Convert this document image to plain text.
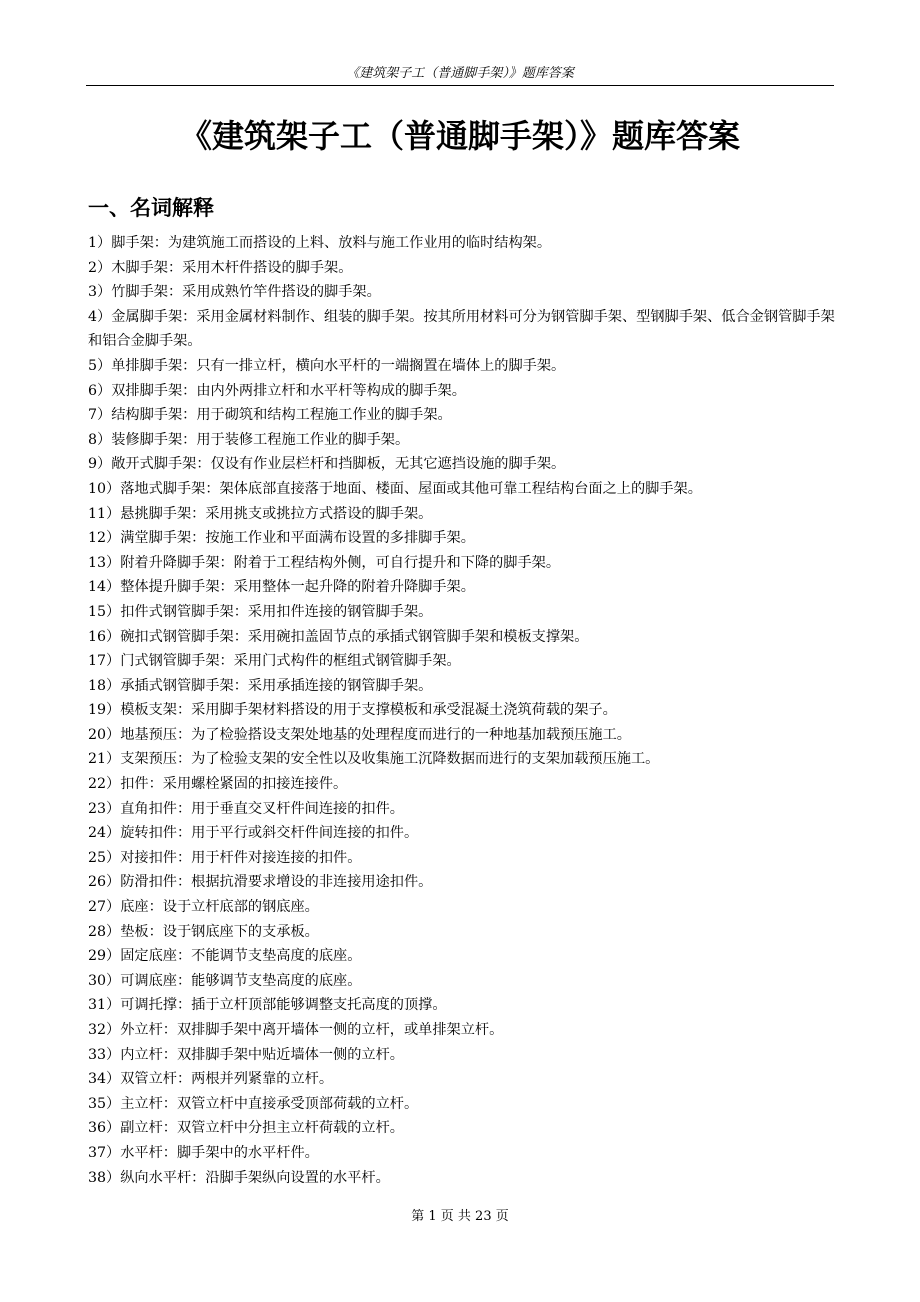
《建筑架子工（普通脚手架）》题库答案
com.cn
《建筑架子工（普通脚手架）》题库答案
一、名词解释
1）脚手架：为建筑施工而搭设的上料、放料与施工作业用的临时结构架。
2）木脚手架：采用木杆件搭设的脚手架。
3）竹脚手架：采用成熟竹竿件搭设的脚手架。
4）金属脚手架：采用金属材料制作、组装的脚手架。按其所用材料可分为钢管脚手架、型钢脚手架、低合金钢管脚手架和铝合金脚手架。
5）单排脚手架：只有一排立杆，横向水平杆的一端搁置在墙体上的脚手架。
6）双排脚手架：由内外两排立杆和水平杆等构成的脚手架。
7）结构脚手架：用于砌筑和结构工程施工作业的脚手架。
8）装修脚手架：用于装修工程施工作业的脚手架。
9）敞开式脚手架：仅设有作业层栏杆和挡脚板，无其它遮挡设施的脚手架。
10）落地式脚手架：架体底部直接落于地面、楼面、屋面或其他可靠工程结构台面之上的脚手架。
11）悬挑脚手架：采用挑支或挑拉方式搭设的脚手架。
12）满堂脚手架：按施工作业和平面满布设置的多排脚手架。
13）附着升降脚手架：附着于工程结构外侧，可自行提升和下降的脚手架。
14）整体提升脚手架：采用整体一起升降的附着升降脚手架。
15）扣件式钢管脚手架：采用扣件连接的钢管脚手架。
16）碗扣式钢管脚手架：采用碗扣盖固节点的承插式钢管脚手架和模板支撑架。
17）门式钢管脚手架：采用门式构件的框组式钢管脚手架。
18）承插式钢管脚手架：采用承插连接的钢管脚手架。
19）模板支架：采用脚手架材料搭设的用于支撑模板和承受混凝土浇筑荷载的架子。
20）地基预压：为了检验搭设支架处地基的处理程度而进行的一种地基加载预压施工。
21）支架预压：为了检验支架的安全性以及收集施工沉降数据而进行的支架加载预压施工。
22）扣件：采用螺栓紧固的扣接连接件。
23）直角扣件：用于垂直交叉杆件间连接的扣件。
24）旋转扣件：用于平行或斜交杆件间连接的扣件。
25）对接扣件：用于杆件对接连接的扣件。
26）防滑扣件：根据抗滑要求增设的非连接用途扣件。
27）底座：设于立杆底部的钢底座。
28）垫板：设于钢底座下的支承板。
29）固定底座：不能调节支垫高度的底座。
30）可调底座：能够调节支垫高度的底座。
31）可调托撑：插于立杆顶部能够调整支托高度的顶撑。
32）外立杆：双排脚手架中离开墙体一侧的立杆，或单排架立杆。
33）内立杆：双排脚手架中贴近墙体一侧的立杆。
34）双管立杆：两根并列紧靠的立杆。
35）主立杆：双管立杆中直接承受顶部荷载的立杆。
36）副立杆：双管立杆中分担主立杆荷载的立杆。
37）水平杆：脚手架中的水平杆件。
38）纵向水平杆：沿脚手架纵向设置的水平杆。
第 1 页 共 23 页
